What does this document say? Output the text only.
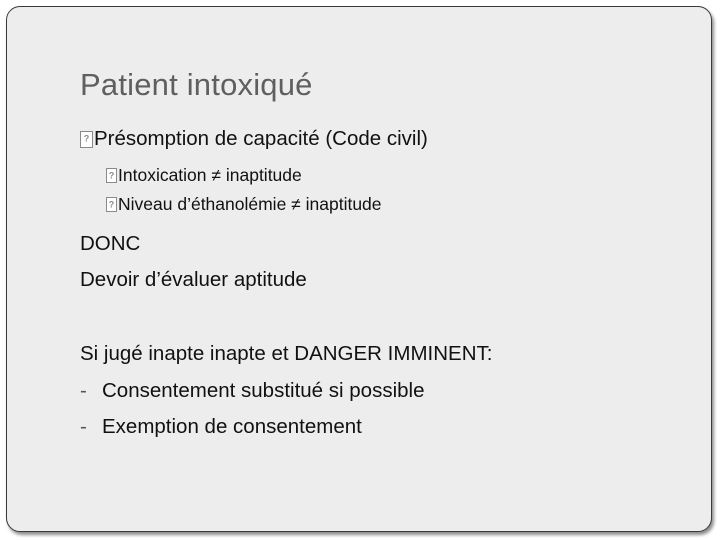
Patient intoxiqué
?
Présomption de capacité (Code civil)
?
Intoxication ≠ inaptitude
?
Niveau d’éthanolémie ≠ inaptitude
DONC
Devoir d’évaluer aptitude
Si jugé inapte inapte et DANGER IMMINENT:
- Consentement substitué si possible
- Exemption de consentement
